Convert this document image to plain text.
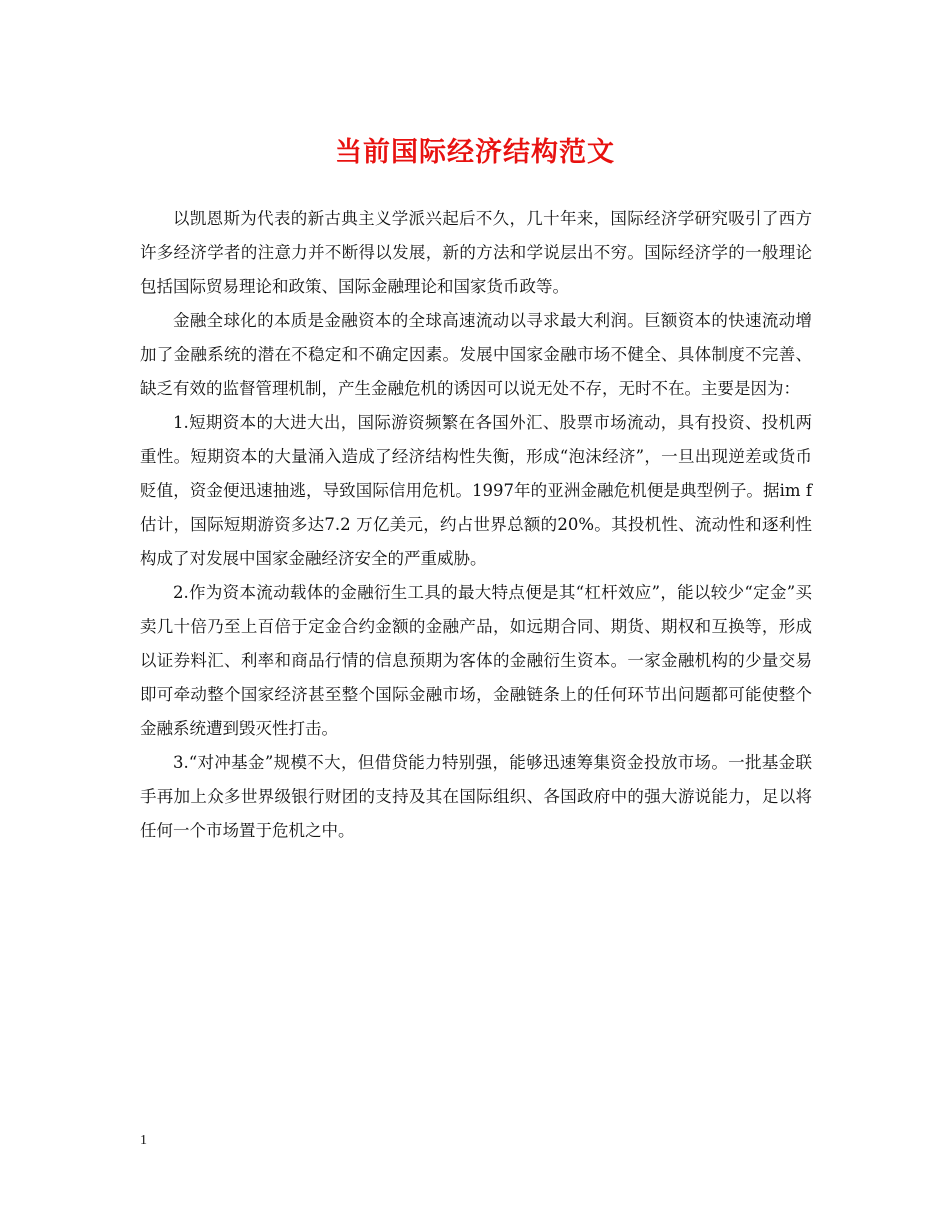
当前国际经济结构范文

以凯恩斯为代表的新古典主义学派兴起后不久，几十年来，国际经济学研究吸引了西方许多经济学者的注意力并不断得以发展，新的方法和学说层出不穷。国际经济学的一般理论包括国际贸易理论和政策、国际金融理论和国家货币政等。

金融全球化的本质是金融资本的全球高速流动以寻求最大利润。巨额资本的快速流动增加了金融系统的潜在不稳定和不确定因素。发展中国家金融市场不健全、具体制度不完善、缺乏有效的监督管理机制，产生金融危机的诱因可以说无处不存，无时不在。主要是因为：

1.短期资本的大进大出，国际游资频繁在各国外汇、股票市场流动，具有投资、投机两重性。短期资本的大量涌入造成了经济结构性失衡，形成“泡沫经济”，一旦出现逆差或货币贬值，资金便迅速抽逃，导致国际信用危机。1997年的亚洲金融危机便是典型例子。据im f估计，国际短期游资多达7.2 万亿美元，约占世界总额的20%。其投机性、流动性和逐利性构成了对发展中国家金融经济安全的严重威胁。

2.作为资本流动载体的金融衍生工具的最大特点便是其“杠杆效应”，能以较少“定金”买卖几十倍乃至上百倍于定金合约金额的金融产品，如远期合同、期货、期权和互换等，形成以证券料汇、利率和商品行情的信息预期为客体的金融衍生资本。一家金融机构的少量交易即可牵动整个国家经济甚至整个国际金融市场，金融链条上的任何环节出问题都可能使整个金融系统遭到毁灭性打击。

3.“对冲基金”规模不大，但借贷能力特别强，能够迅速筹集资金投放市场。一批基金联手再加上众多世界级银行财团的支持及其在国际组织、各国政府中的强大游说能力，足以将任何一个市场置于危机之中。

1
